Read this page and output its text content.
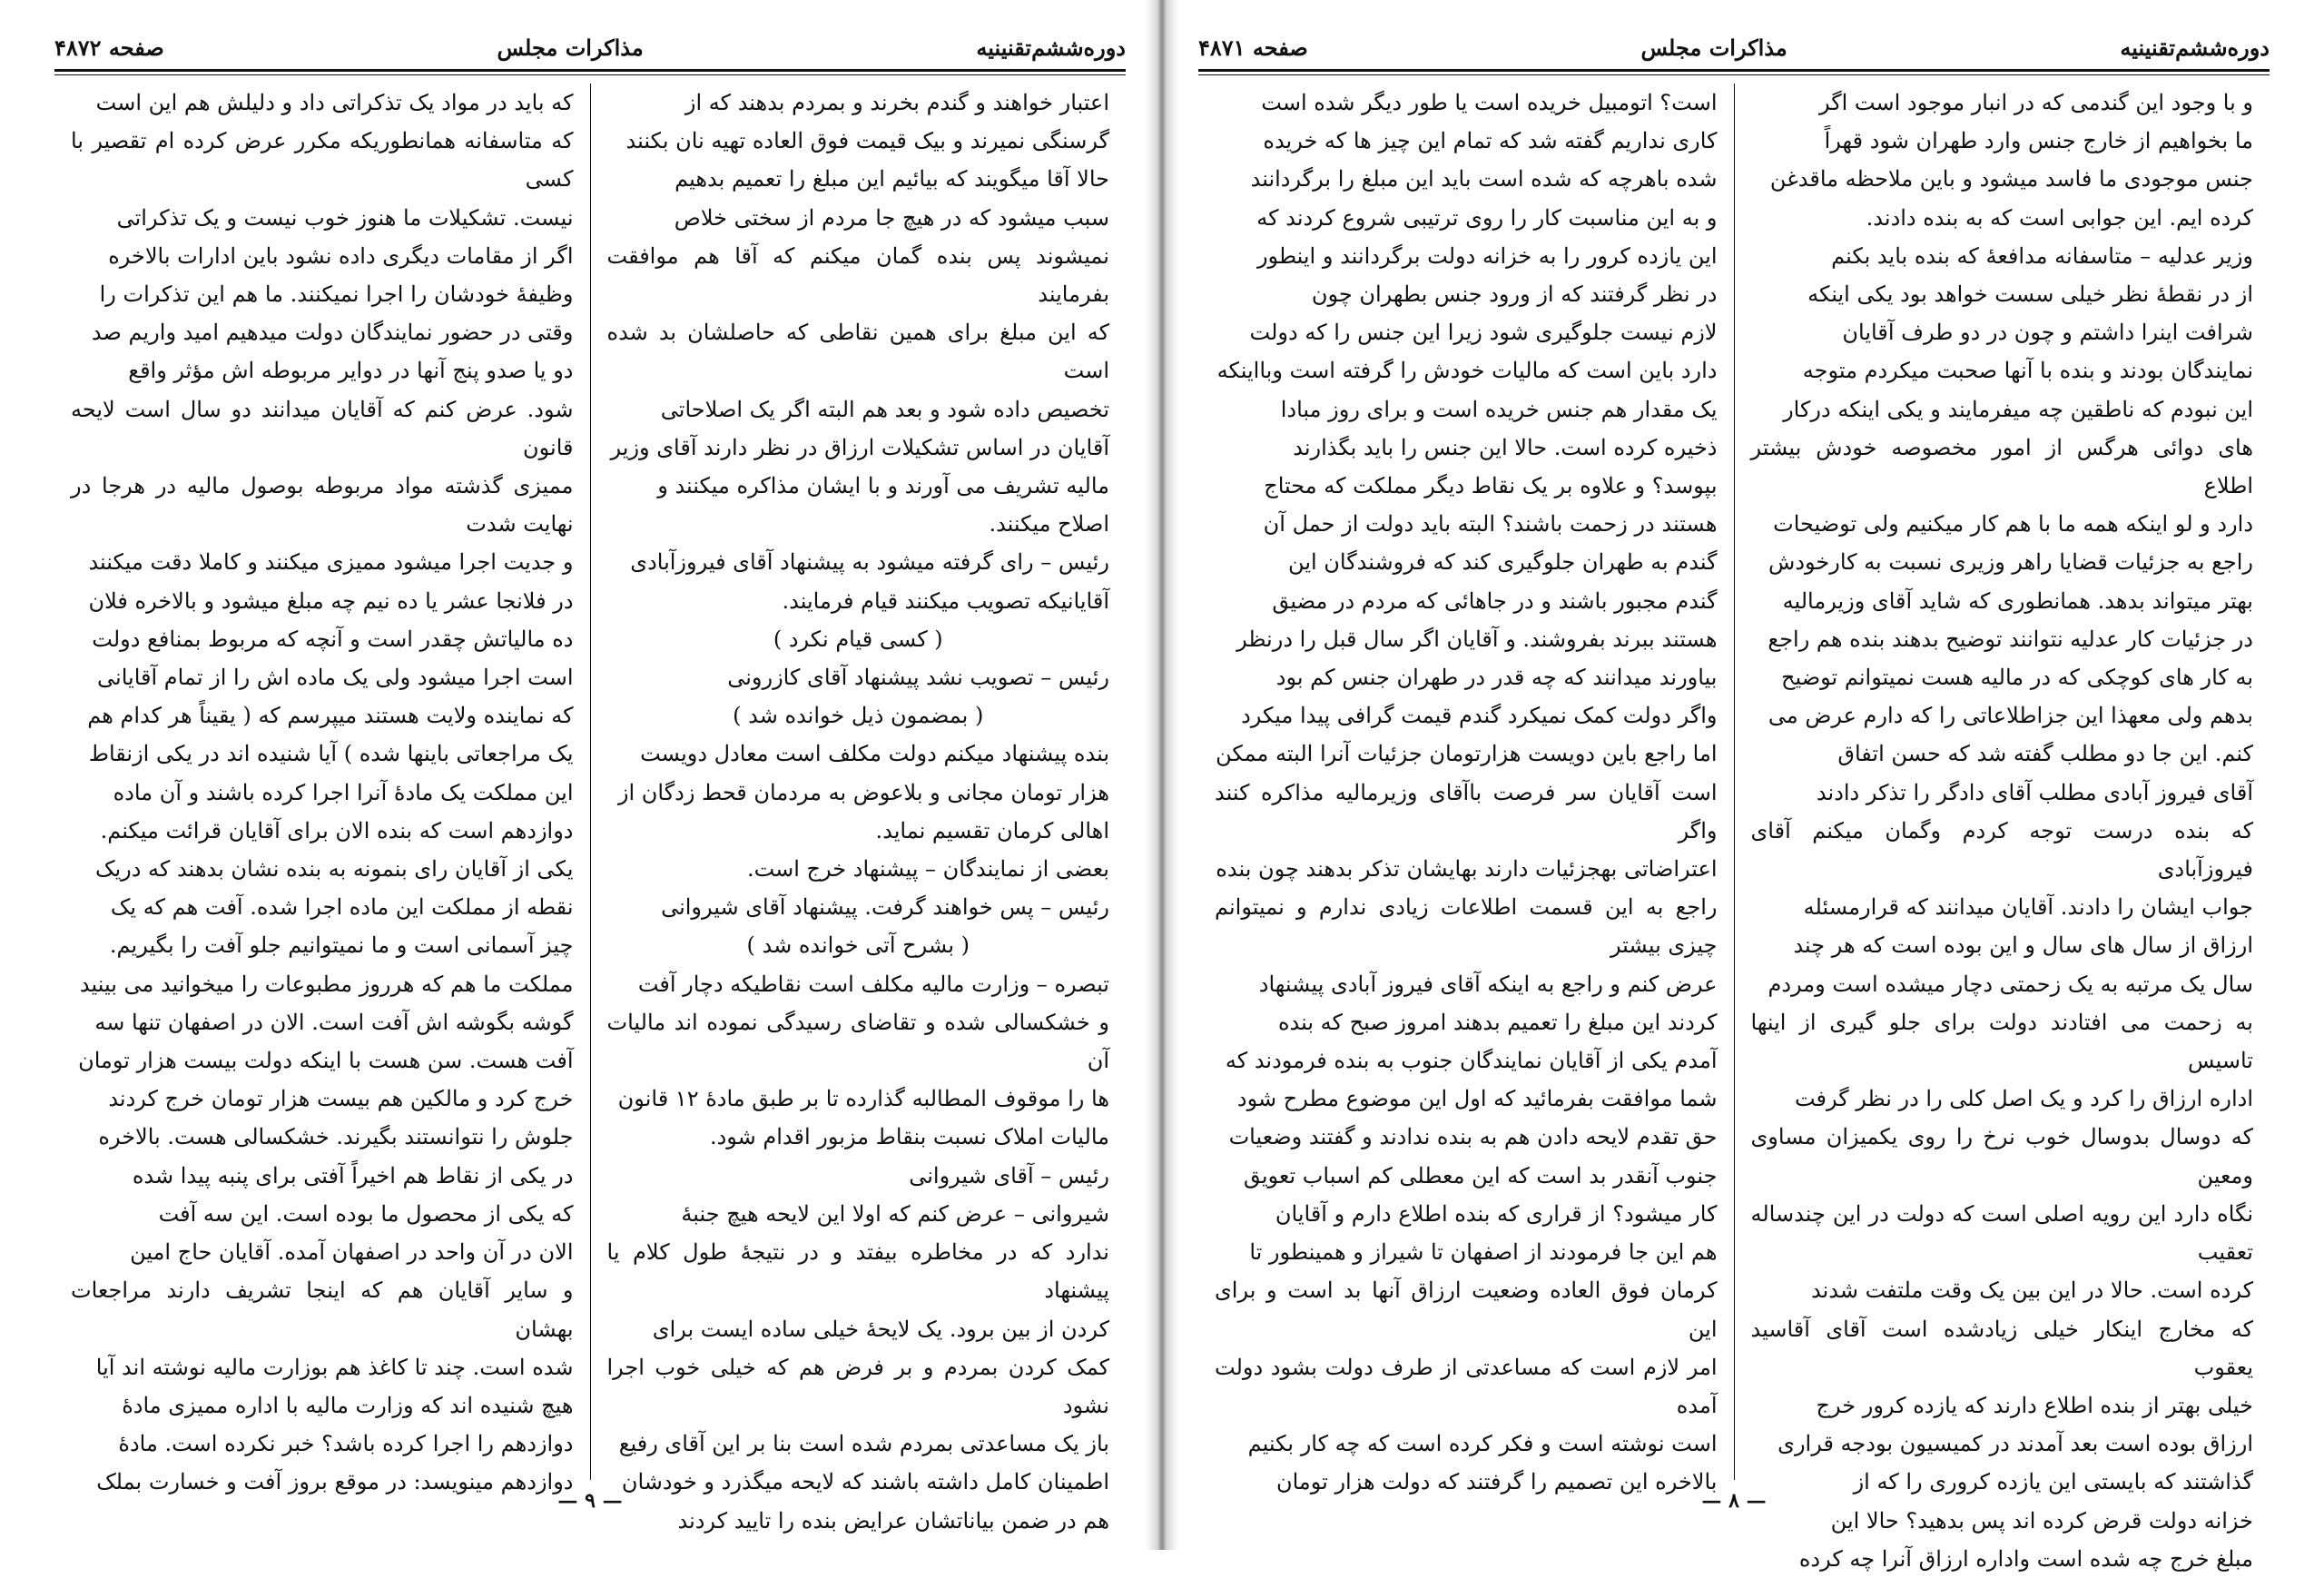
دوره‌ششم‌تقنینیه
مذاکرات مجلس
صفحه ۴۸۷۲

اعتبار خواهند و گندم بخرند و بمردم بدهند که از

گرسنگی نمیرند و بیک قیمت فوق العاده تهیه نان بکنند

حالا آقا میگویند که بیائیم این مبلغ را تعمیم بدهیم

سبب میشود که در هیچ جا مردم از سختی خلاص

نمیشوند پس بنده گمان میکنم که آقا هم موافقت بفرمایند

که این مبلغ برای همین نقاطی که حاصلشان بد شده است

تخصیص داده شود و بعد هم البته اگر یک اصلاحاتی

آقایان در اساس تشکیلات ارزاق در نظر دارند آقای وزیر

مالیه تشریف می آورند و با ایشان مذاکره میکنند و

اصلاح میکنند.

رئیس – رای گرفته میشود به پیشنهاد آقای فیروزآبادی

آقایانیکه تصویب میکنند قیام فرمایند.

( کسی قیام نکرد )

رئیس – تصویب نشد پیشنهاد آقای کازرونی

( بمضمون ذیل خوانده شد )

بنده پیشنهاد میکنم دولت مکلف است معادل دویست

هزار تومان مجانی و بلاعوض به مردمان قحط زدگان از

اهالی کرمان تقسیم نماید.

بعضی از نمایندگان – پیشنهاد خرج است.

رئیس – پس خواهند گرفت. پیشنهاد آقای شیروانی

( بشرح آتی خوانده شد )

تبصره – وزارت مالیه مکلف است نقاطیکه دچار آفت

و خشکسالی شده و تقاضای رسیدگی نموده اند مالیات آن

ها را موقوف المطالبه گذارده تا بر طبق مادهٔ ۱۲ قانون

مالیات املاک نسبت بنقاط مزبور اقدام شود.

رئیس – آقای شیروانی

شیروانی – عرض کنم که اولا این لایحه هیچ جنبهٔ

ندارد که در مخاطره بیفتد و در نتیجهٔ طول کلام یا پیشنهاد

کردن از بین برود. یک لایحهٔ خیلی ساده ایست برای

کمک کردن بمردم و بر فرض هم که خیلی خوب اجرا نشود

باز یک مساعدتی بمردم شده است بنا بر این آقای رفیع

اطمینان کامل داشته باشند که لایحه میگذرد و خودشان

هم در ضمن بیاناتشان عرایض بنده را تایید کردند

که باید در مواد یک تذکراتی داد و دلیلش هم این است

که متاسفانه همانطوریکه مکرر عرض کرده ام تقصیر با کسی

نیست. تشکیلات ما هنوز خوب نیست و یک تذکراتی

اگر از مقامات دیگری داده نشود باین ادارات بالاخره

وظیفهٔ خودشان را اجرا نمیکنند. ما هم این تذکرات را

وقتی در حضور نمایندگان دولت میدهیم امید واریم صد

دو یا صدو پنج آنها در دوایر مربوطه اش مؤثر واقع

شود. عرض کنم که آقایان میدانند دو سال است لایحه قانون

ممیزی گذشته مواد مربوطه بوصول مالیه در هرجا در نهایت شدت

و جدیت اجرا میشود ممیزی میکنند و کاملا دقت میکنند

در فلانجا عشر یا ده نیم چه مبلغ میشود و بالاخره فلان

ده مالیاتش چقدر است و آنچه که مربوط بمنافع دولت

است اجرا میشود ولی یک ماده اش را از تمام آقایانی

که نماینده ولایت هستند میپرسم که ( یقیناً هر کدام هم

یک مراجعاتی باینها شده ) آیا شنیده اند در یکی ازنقاط

این مملکت یک مادهٔ آنرا اجرا کرده باشند و آن ماده

دوازدهم است که بنده الان برای آقایان قرائت میکنم.

یکی از آقایان رای بنمونه به بنده نشان بدهند که دریک

نقطه از مملکت این ماده اجرا شده. آفت هم که یک

چیز آسمانی است و ما نمیتوانیم جلو آفت را بگیریم.

مملکت ما هم که هرروز مطبوعات را میخوانید می بینید

گوشه بگوشه اش آفت است. الان در اصفهان تنها سه

آفت هست. سن هست با اینکه دولت بیست هزار تومان

خرج کرد و مالکین هم بیست هزار تومان خرج کردند

جلوش را نتوانستند بگیرند. خشکسالی هست. بالاخره

در یکی از نقاط هم اخیراً آفتی برای پنبه پیدا شده

که یکی از محصول ما بوده است. این سه آفت

الان در آن واحد در اصفهان آمده. آقایان حاج امین

و سایر آقایان هم که اینجا تشریف دارند مراجعات بهشان

شده است. چند تا کاغذ هم بوزارت مالیه نوشته اند آیا

هیچ شنیده اند که وزارت مالیه با اداره ممیزی مادهٔ

دوازدهم را اجرا کرده باشد؟ خبر نکرده است. مادهٔ

دوازدهم مینویسد: در موقع بروز آفت و خسارت بملک

— ۹ —
دوره‌ششم‌تقنینیه
مذاکرات مجلس
صفحه ۴۸۷۱

و با وجود این گندمی که در انبار موجود است اگر

ما بخواهیم از خارج جنس وارد طهران شود قهراً

جنس موجودی ما فاسد میشود و باین ملاحظه ماقدغن

کرده ایم. این جوابی است که به بنده دادند.

وزیر عدلیه – متاسفانه مدافعهٔ که بنده باید بکنم

از در نقطهٔ نظر خیلی سست خواهد بود یکی اینکه

شرافت اینرا داشتم و چون در دو طرف آقایان

نمایندگان بودند و بنده با آنها صحبت میکردم متوجه

این نبودم که ناطقین چه میفرمایند و یکی اینکه درکار

های دوائی هرگس از امور مخصوصه خودش بیشتر اطلاع

دارد و لو اینکه همه ما با هم کار میکنیم ولی توضیحات

راجع به جزئیات قضایا راهر وزیری نسبت به کارخودش

بهتر میتواند بدهد. همانطوری که شاید آقای وزیرمالیه

در جزئیات کار عدلیه نتوانند توضیح بدهند بنده هم راجع

به کار های کوچکی که در مالیه هست نمیتوانم توضیح

بدهم ولی معهذا این جزاطلاعاتی را که دارم عرض می

کنم. این جا دو مطلب گفته شد که حسن اتفاق

آقای فیروز آبادی مطلب آقای دادگر را تذکر دادند

که بنده درست توجه کردم وگمان میکنم آقای فیروزآبادی

جواب ایشان را دادند. آقایان میدانند که قرارمسئله

ارزاق از سال های سال و این بوده است که هر چند

سال یک مرتبه به یک زحمتی دچار میشده است ومردم

به زحمت می افتادند دولت برای جلو گیری از اینها تاسیس

اداره ارزاق را کرد و یک اصل کلی را در نظر گرفت

که دوسال بدوسال خوب نرخ را روی یکمیزان مساوی ومعین

نگاه دارد این رویه اصلی است که دولت در این چندساله تعقیب

کرده است. حالا در این بین یک وقت ملتفت شدند

که مخارج اینکار خیلی زیادشده است آقای آقاسید یعقوب

خیلی بهتر از بنده اطلاع دارند که یازده کرور خرج

ارزاق بوده است بعد آمدند در کمیسیون بودجه قراری

گذاشتند که بایستی این یازده کروری را که از

خزانه دولت قرض کرده اند پس بدهید؟ حالا این

مبلغ خرج چه شده است واداره ارزاق آنرا چه کرده

است؟ اتومبیل خریده است یا طور دیگر شده است

کاری نداریم گفته شد که تمام این چیز ها که خریده

شده باهرچه که شده است باید این مبلغ را برگردانند

و به این مناسبت کار را روی ترتیبی شروع کردند که

این یازده کرور را به خزانه دولت برگردانند و اینطور

در نظر گرفتند که از ورود جنس بطهران چون

لازم نیست جلوگیری شود زیرا این جنس را که دولت

دارد باین است که مالیات خودش را گرفته است وبااینکه

یک مقدار هم جنس خریده است و برای روز مبادا

ذخیره کرده است. حالا این جنس را باید بگذارند

بپوسد؟ و علاوه بر یک نقاط دیگر مملکت که محتاج

هستند در زحمت باشند؟ البته باید دولت از حمل آن

گندم به طهران جلوگیری کند که فروشندگان این

گندم مجبور باشند و در جاهائی که مردم در مضیق

هستند ببرند بفروشند. و آقایان اگر سال قبل را درنظر

بیاورند میدانند که چه قدر در طهران جنس کم بود

واگر دولت کمک نمیکرد گندم قیمت گرافی پیدا میکرد

اما راجع باین دویست هزارتومان جزئیات آنرا البته ممکن

است آقایان سر فرصت باآقای وزیرمالیه مذاکره کنند واگر

اعتراضاتی بهجزئیات دارند بهایشان تذکر بدهند چون بنده

راجع به این قسمت اطلاعات زیادی ندارم و نمیتوانم چیزی بیشتر

عرض کنم و راجع به اینکه آقای فیروز آبادی پیشنهاد

کردند این مبلغ را تعمیم بدهند امروز صبح که بنده

آمدم یکی از آقایان نمایندگان جنوب به بنده فرمودند که

شما موافقت بفرمائید که اول این موضوع مطرح شود

حق تقدم لایحه دادن هم به بنده ندادند و گفتند وضعیات

جنوب آنقدر بد است که این معطلی کم اسباب تعویق

کار میشود؟ از قراری که بنده اطلاع دارم و آقایان

هم این جا فرمودند از اصفهان تا شیراز و همینطور تا

کرمان فوق العاده وضعیت ارزاق آنها بد است و برای این

امر لازم است که مساعدتی از طرف دولت بشود دولت آمده

است نوشته است و فکر کرده است که چه کار بکنیم

بالاخره این تصمیم را گرفتند که دولت هزار تومان

— ۸ —
